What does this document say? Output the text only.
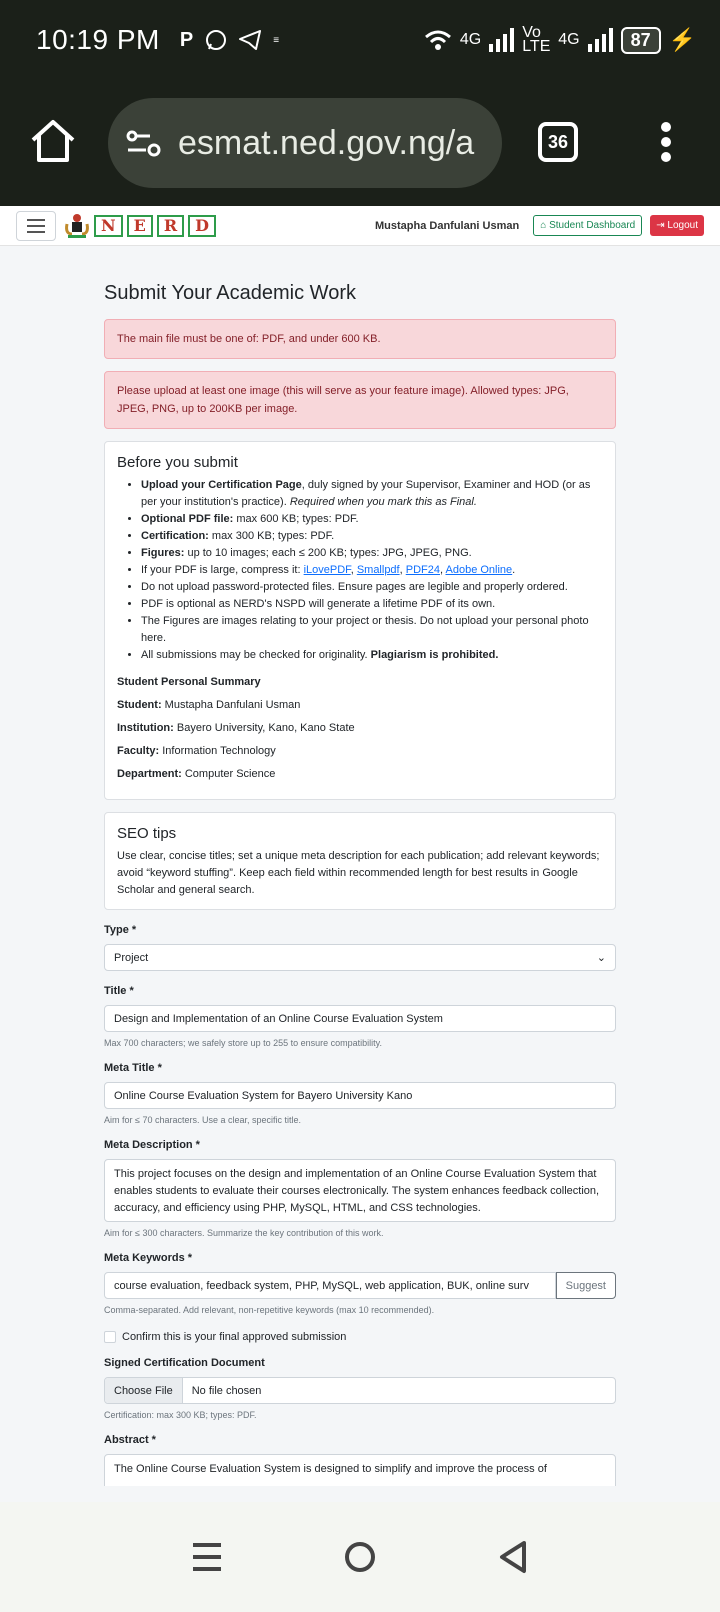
10:19 PM P	≡	4G	Vo LTE 4G	87 ⚡
esmat.ned.gov.ng/a	36
N	E	R	D	Mustapha Danfulani Usman	⌂ Student Dashboard	⇥ Logout
Submit Your Academic Work
The main file must be one of: PDF, and under 600 KB.
Please upload at least one image (this will serve as your feature image). Allowed types: JPG, JPEG, PNG, up to 200KB per image.
Before you submit
• Upload your Certification Page, duly signed by your Supervisor, Examiner and HOD (or as per your institution's practice). Required when you mark this as Final.
• Optional PDF file: max 600 KB; types: PDF.
• Certification: max 300 KB; types: PDF.
• Figures: up to 10 images; each ≤ 200 KB; types: JPG, JPEG, PNG.
• If your PDF is large, compress it: iLovePDF, Smallpdf, PDF24, Adobe Online.
• Do not upload password-protected files. Ensure pages are legible and properly ordered.
• PDF is optional as NERD's NSPD will generate a lifetime PDF of its own.
• The Figures are images relating to your project or thesis. Do not upload your personal photo here.
• All submissions may be checked for originality. Plagiarism is prohibited.
Student Personal Summary
Student: Mustapha Danfulani Usman
Institution: Bayero University, Kano, Kano State
Faculty: Information Technology
Department: Computer Science
SEO tips
Use clear, concise titles; set a unique meta description for each publication; add relevant keywords; avoid “keyword stuffing”. Keep each field within recommended length for best results in Google Scholar and general search.
Type *
Project	⌄
Title *
Design and Implementation of an Online Course Evaluation System
Max 700 characters; we safely store up to 255 to ensure compatibility.
Meta Title *
Online Course Evaluation System for Bayero University Kano
Aim for ≤ 70 characters. Use a clear, specific title.
Meta Description *
This project focuses on the design and implementation of an Online Course Evaluation System that enables students to evaluate their courses electronically. The system enhances feedback collection, accuracy, and efficiency using PHP, MySQL, HTML, and CSS technologies.
Aim for ≤ 300 characters. Summarize the key contribution of this work.
Meta Keywords *
course evaluation, feedback system, PHP, MySQL, web application, BUK, online surv	Suggest
Comma-separated. Add relevant, non-repetitive keywords (max 10 recommended).
Confirm this is your final approved submission
Signed Certification Document
Choose File	No file chosen
Certification: max 300 KB; types: PDF.
Abstract *
The Online Course Evaluation System is designed to simplify and improve the process of
